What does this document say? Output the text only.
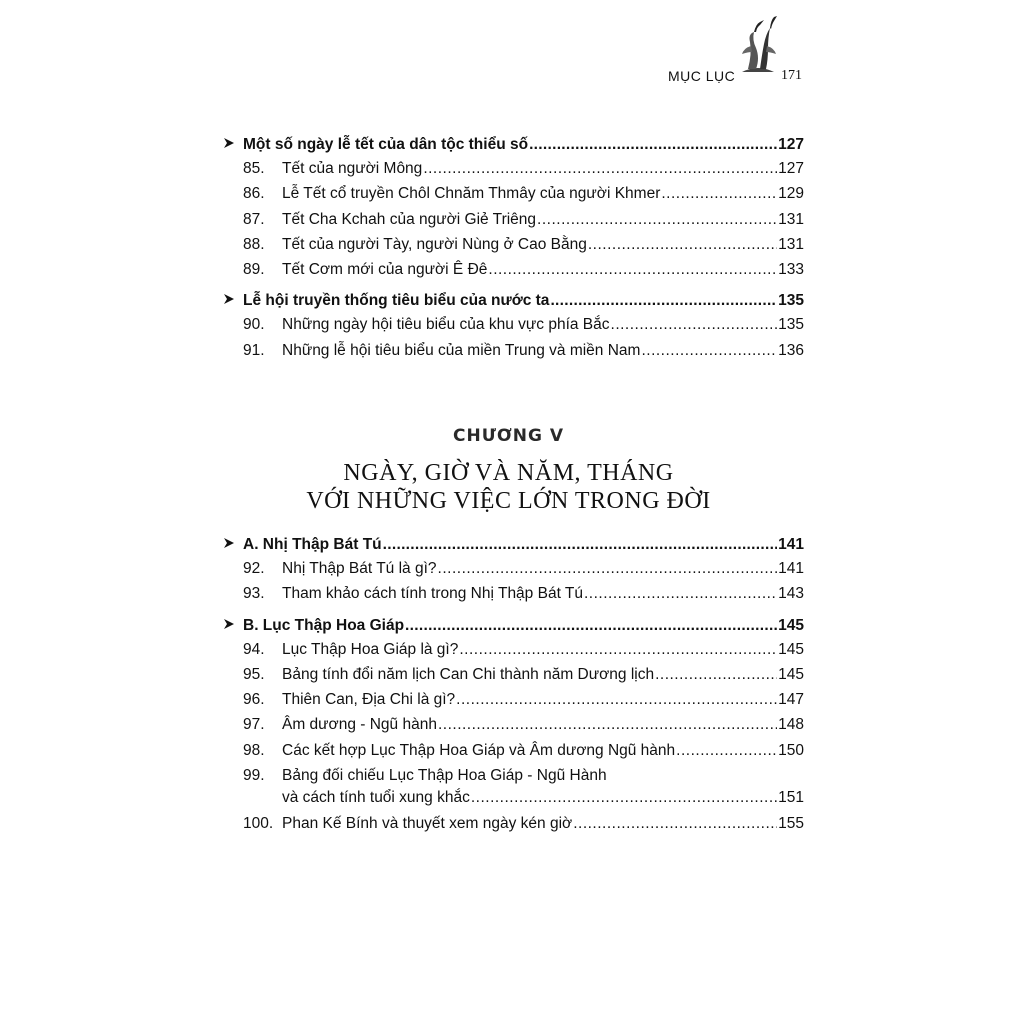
MỤC LỤC	171
Một số ngày lễ tết của dân tộc thiểu số .....	127
85. Tết của người Mông .....	127
86. Lễ Tết cổ truyền Chôl Chnăm Thmây của người Khmer .....	129
87. Tết Cha Kchah của người Giẻ Triêng .....	131
88. Tết của người Tày, người Nùng ở Cao Bằng .....	131
89. Tết Cơm mới của người Ê Đê .....	133
Lễ hội truyền thống tiêu biểu của nước ta .....	135
90. Những ngày hội tiêu biểu của khu vực phía Bắc .....	135
91. Những lễ hội tiêu biểu của miền Trung và miền Nam .....	136
CHƯƠNG V
NGÀY, GIỜ VÀ NĂM, THÁNG
VỚI NHỮNG VIỆC LỚN TRONG ĐỜI
A. Nhị Thập Bát Tú .....	141
92. Nhị Thập Bát Tú là gì? .....	141
93. Tham khảo cách tính trong Nhị Thập Bát Tú .....	143
B. Lục Thập Hoa Giáp .....	145
94. Lục Thập Hoa Giáp là gì? .....	145
95. Bảng tính đổi năm lịch Can Chi thành năm Dương lịch .....	145
96. Thiên Can, Địa Chi là gì? .....	147
97. Âm dương - Ngũ hành .....	148
98. Các kết hợp Lục Thập Hoa Giáp và Âm dương Ngũ hành .....	150
99. Bảng đối chiếu Lục Thập Hoa Giáp - Ngũ Hành
và cách tính tuổi xung khắc .....	151
100. Phan Kế Bính và thuyết xem ngày kén giờ .....	155
